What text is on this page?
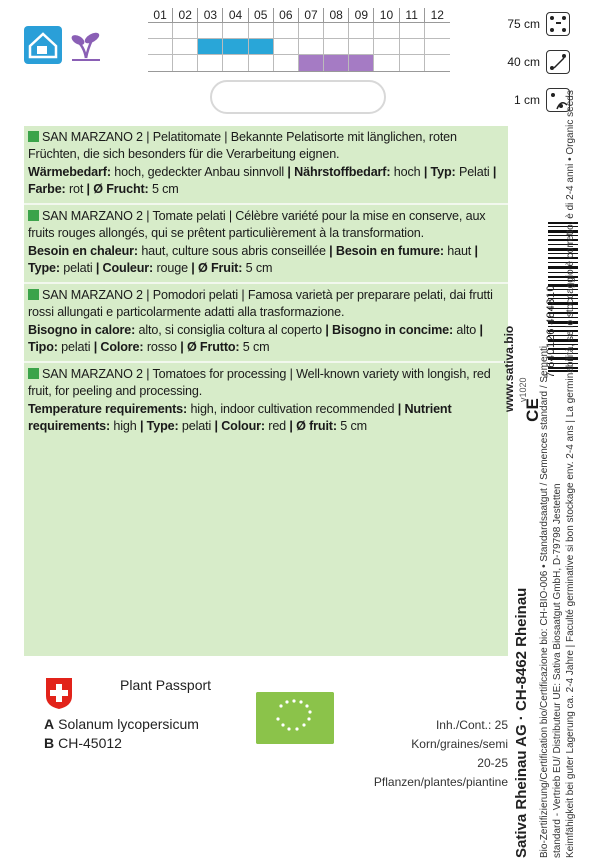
01 02 03 04 05 06 07 08 09 10	11	12
75 cm
40 cm
1 cm

SAN MARZANO 2 | Pelatitomate | Bekannte Pelatisorte mit länglichen, roten Früchten, die sich besonders für die Verarbeitung eignen.

Wärmebedarf: hoch, gedeckter Anbau sinnvoll | Nährstoffbedarf: hoch | Typ: Pelati | Farbe: rot | Ø Frucht: 5 cm

SAN MARZANO 2 | Tomate pelati | Célèbre variété pour la mise en conserve, aux fruits rouges allongés, qui se prêtent particulièrement à la transformation.

Besoin en chaleur: haut, culture sous abris conseillée | Besoin en fumure: haut | Type: pelati | Couleur: rouge | Ø Fruit: 5 cm

SAN MARZANO 2 | Pomodori pelati | Famosa varietà per preparare pelati, dai frutti rossi allungati e particolarmente adatti alla trasformazione.

Bisogno in calore: alto, si consiglia coltura al coperto | Bisogno in concime: alto | Tipo: pelati | Colore: rosso | Ø Frutto: 5 cm

SAN MARZANO 2 | Tomatoes for processing | Well-known variety with longish, red fruit, for peeling and processing.

Temperature requirements: high, indoor cultivation recommended | Nutrient requirements: high | Type: pelati | Colour: red | Ø fruit: 5 cm

www.sativa.bio v1020
CE
7 640126 484310
Sativa Rheinau AG · CH-8462 Rheinau Bio-Zertifizierung/Certification bio/Certificazione bio: CH-BIO-006 • Standardsaatgut / Semences standard / Sementi standard - Vertrieb EU/ Distributeur UE: Sativa Biosaatgut GmbH, D-79798 Jestetten Keimfähigkeit bei guter Lagerung ca. 2-4 Jahre | Faculté germinative si bon stockage env. 2-4 ans | La germinabilità, se lo stoccaggio è corretto, è di 2-4 anni • Organic seeds
Plant Passport
A Solanum lycopersicum
B CH-45012
Inh./Cont.: 25 Korn/graines/semi
20-25 Pflanzen/plantes/piantine
